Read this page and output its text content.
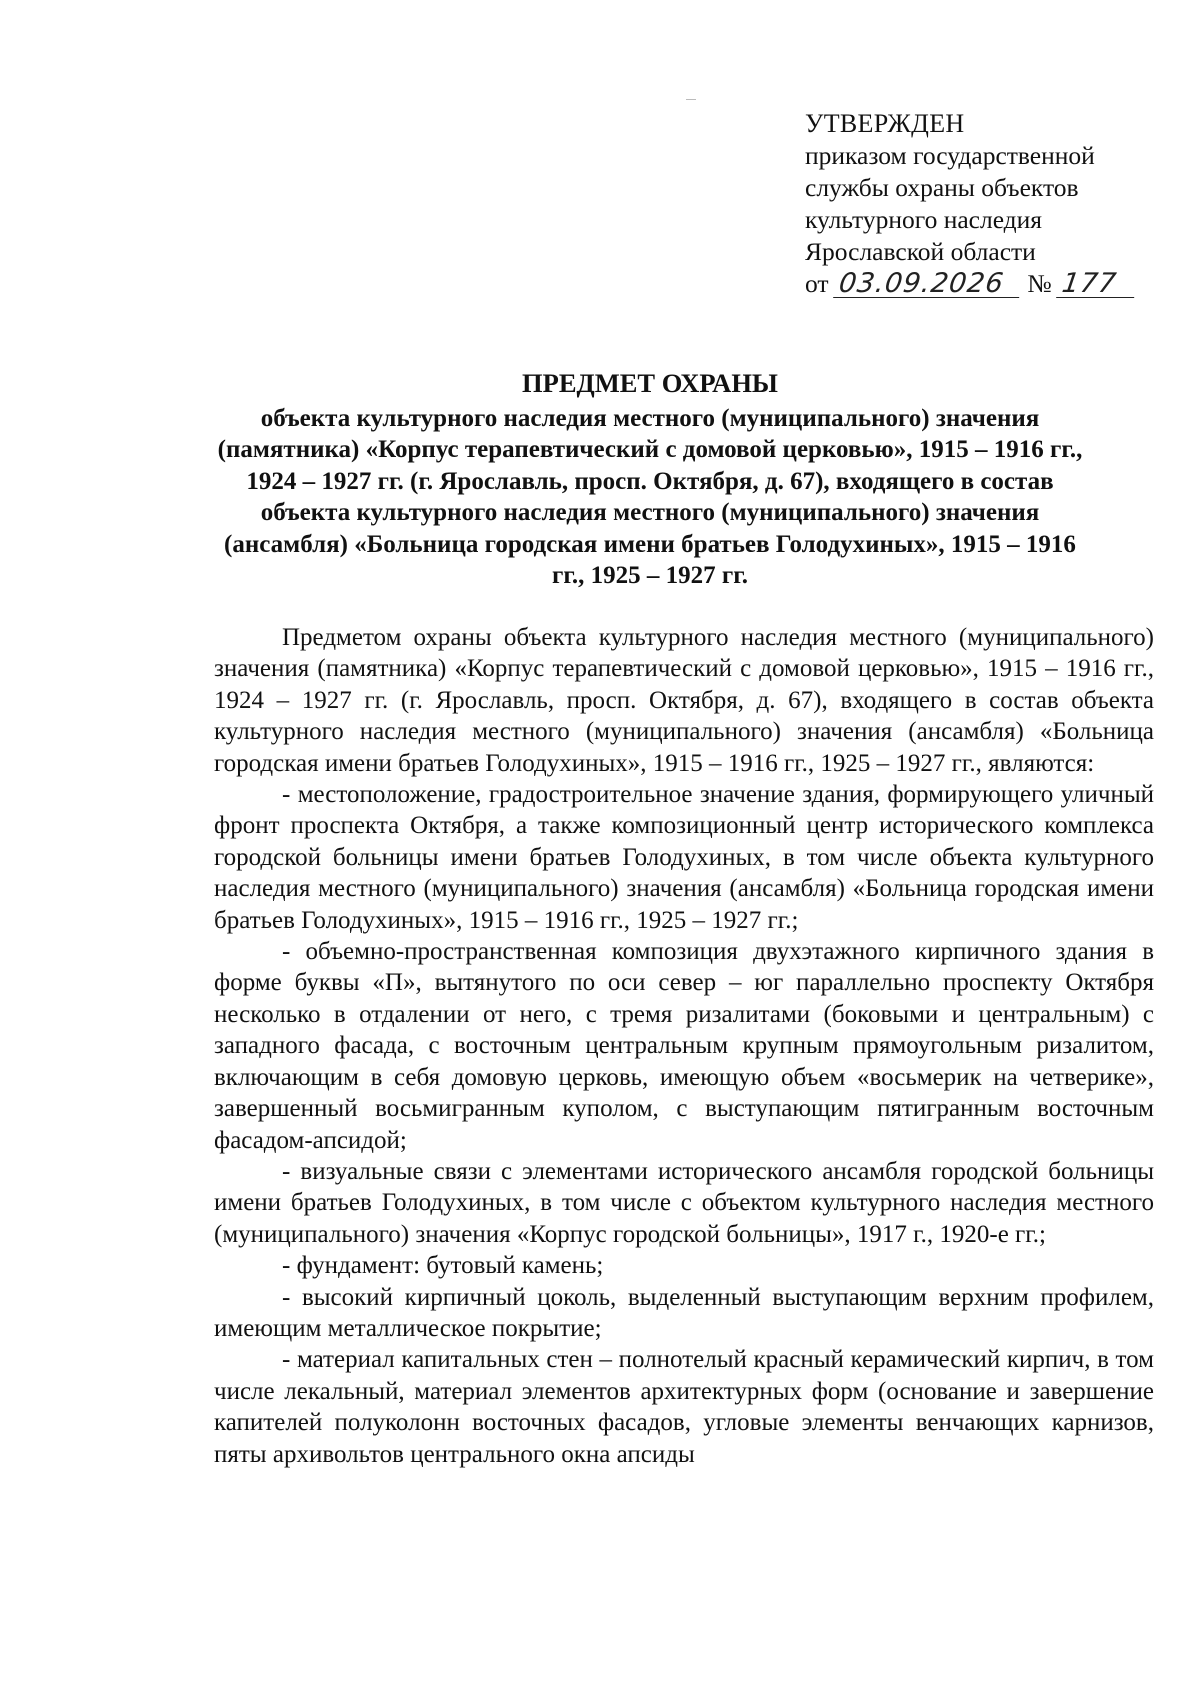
УТВЕРЖДЕН
приказом государственной
службы охраны объектов
культурного наследия
Ярославской области
от 03.09.2026 № 177
ПРЕДМЕТ ОХРАНЫ
объекта культурного наследия местного (муниципального) значения (памятника) «Корпус терапевтический с домовой церковью», 1915 – 1916 гг., 1924 – 1927 гг. (г. Ярославль, просп. Октября, д. 67), входящего в состав объекта культурного наследия местного (муниципального) значения (ансамбля) «Больница городская имени братьев Голодухиных», 1915 – 1916 гг., 1925 – 1927 гг.

Предметом охраны объекта культурного наследия местного (муниципального) значения (памятника) «Корпус терапевтический с домовой церковью», 1915 – 1916 гг., 1924 – 1927 гг. (г. Ярославль, просп. Октября, д. 67), входящего в состав объекта культурного наследия местного (муниципального) значения (ансамбля) «Больница городская имени братьев Голодухиных», 1915 – 1916 гг., 1925 – 1927 гг., являются:

- местоположение, градостроительное значение здания, формирующего уличный фронт проспекта Октября, а также композиционный центр исторического комплекса городской больницы имени братьев Голодухиных, в том числе объекта культурного наследия местного (муниципального) значения (ансамбля) «Больница городская имени братьев Голодухиных», 1915 – 1916 гг., 1925 – 1927 гг.;

- объемно-пространственная композиция двухэтажного кирпичного здания в форме буквы «П», вытянутого по оси север – юг параллельно проспекту Октября несколько в отдалении от него, с тремя ризалитами (боковыми и центральным) с западного фасада, с восточным центральным крупным прямоугольным ризалитом, включающим в себя домовую церковь, имеющую объем «восьмерик на четверике», завершенный восьмигранным куполом, с выступающим пятигранным восточным фасадом-апсидой;

- визуальные связи с элементами исторического ансамбля городской больницы имени братьев Голодухиных, в том числе с объектом культурного наследия местного (муниципального) значения «Корпус городской больницы», 1917 г., 1920-е гг.;

- фундамент: бутовый камень;

- высокий кирпичный цоколь, выделенный выступающим верхним профилем, имеющим металлическое покрытие;

- материал капитальных стен – полнотелый красный керамический кирпич, в том числе лекальный, материал элементов архитектурных форм (основание и завершение капителей полуколонн восточных фасадов, угловые элементы венчающих карнизов, пяты архивольтов центрального окна апсиды
